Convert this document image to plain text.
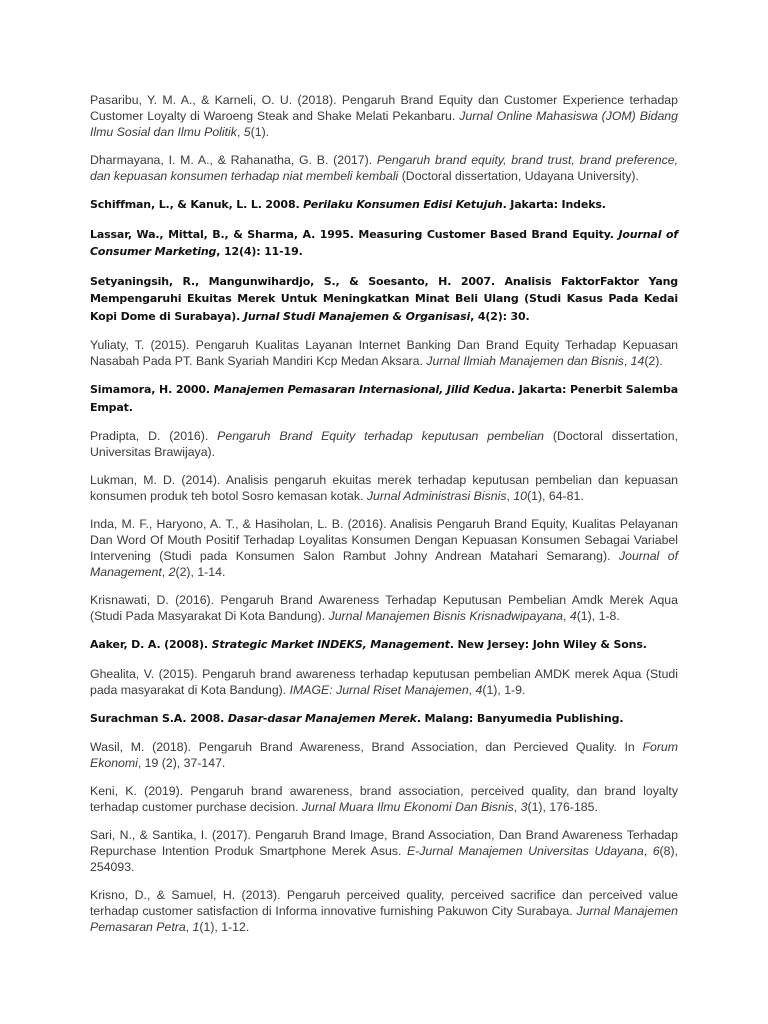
Pasaribu, Y. M. A., & Karneli, O. U. (2018). Pengaruh Brand Equity dan Customer Experience terhadap Customer Loyalty di Waroeng Steak and Shake Melati Pekanbaru. Jurnal Online Mahasiswa (JOM) Bidang Ilmu Sosial dan Ilmu Politik, 5(1).

Dharmayana, I. M. A., & Rahanatha, G. B. (2017). Pengaruh brand equity, brand trust, brand preference, dan kepuasan konsumen terhadap niat membeli kembali (Doctoral dissertation, Udayana University).

Schiffman, L., & Kanuk, L. L. 2008. Perilaku Konsumen Edisi Ketujuh. Jakarta: Indeks.

Lassar, Wa., Mittal, B., & Sharma, A. 1995. Measuring Customer Based Brand Equity. Journal of Consumer Marketing, 12(4): 11-19.

Setyaningsih, R., Mangunwihardjo, S., & Soesanto, H. 2007. Analisis FaktorFaktor Yang Mempengaruhi Ekuitas Merek Untuk Meningkatkan Minat Beli Ulang (Studi Kasus Pada Kedai Kopi Dome di Surabaya). Jurnal Studi Manajemen & Organisasi, 4(2): 30.

Yuliaty, T. (2015). Pengaruh Kualitas Layanan Internet Banking Dan Brand Equity Terhadap Kepuasan Nasabah Pada PT. Bank Syariah Mandiri Kcp Medan Aksara. Jurnal Ilmiah Manajemen dan Bisnis, 14(2).

Simamora, H. 2000. Manajemen Pemasaran Internasional, Jilid Kedua. Jakarta: Penerbit Salemba Empat.

Pradipta, D. (2016). Pengaruh Brand Equity terhadap keputusan pembelian (Doctoral dissertation, Universitas Brawijaya).

Lukman, M. D. (2014). Analisis pengaruh ekuitas merek terhadap keputusan pembelian dan kepuasan konsumen produk teh botol Sosro kemasan kotak. Jurnal Administrasi Bisnis, 10(1), 64-81.

Inda, M. F., Haryono, A. T., & Hasiholan, L. B. (2016). Analisis Pengaruh Brand Equity, Kualitas Pelayanan Dan Word Of Mouth Positif Terhadap Loyalitas Konsumen Dengan Kepuasan Konsumen Sebagai Variabel Intervening (Studi pada Konsumen Salon Rambut Johny Andrean Matahari Semarang). Journal of Management, 2(2), 1-14.

Krisnawati, D. (2016). Pengaruh Brand Awareness Terhadap Keputusan Pembelian Amdk Merek Aqua (Studi Pada Masyarakat Di Kota Bandung). Jurnal Manajemen Bisnis Krisnadwipayana, 4(1), 1-8.

Aaker, D. A. (2008). Strategic Market INDEKS, Management. New Jersey: John Wiley & Sons.

Ghealita, V. (2015). Pengaruh brand awareness terhadap keputusan pembelian AMDK merek Aqua (Studi pada masyarakat di Kota Bandung). IMAGE: Jurnal Riset Manajemen, 4(1), 1-9.

Surachman S.A. 2008. Dasar-dasar Manajemen Merek. Malang: Banyumedia Publishing.

Wasil, M. (2018). Pengaruh Brand Awareness, Brand Association, dan Percieved Quality. In Forum Ekonomi, 19 (2), 37-147.

Keni, K. (2019). Pengaruh brand awareness, brand association, perceived quality, dan brand loyalty terhadap customer purchase decision. Jurnal Muara Ilmu Ekonomi Dan Bisnis, 3(1), 176-185.

Sari, N., & Santika, I. (2017). Pengaruh Brand Image, Brand Association, Dan Brand Awareness Terhadap Repurchase Intention Produk Smartphone Merek Asus. E-Jurnal Manajemen Universitas Udayana, 6(8), 254093.

Krisno, D., & Samuel, H. (2013). Pengaruh perceived quality, perceived sacrifice dan perceived value terhadap customer satisfaction di Informa innovative furnishing Pakuwon City Surabaya. Jurnal Manajemen Pemasaran Petra, 1(1), 1-12.
